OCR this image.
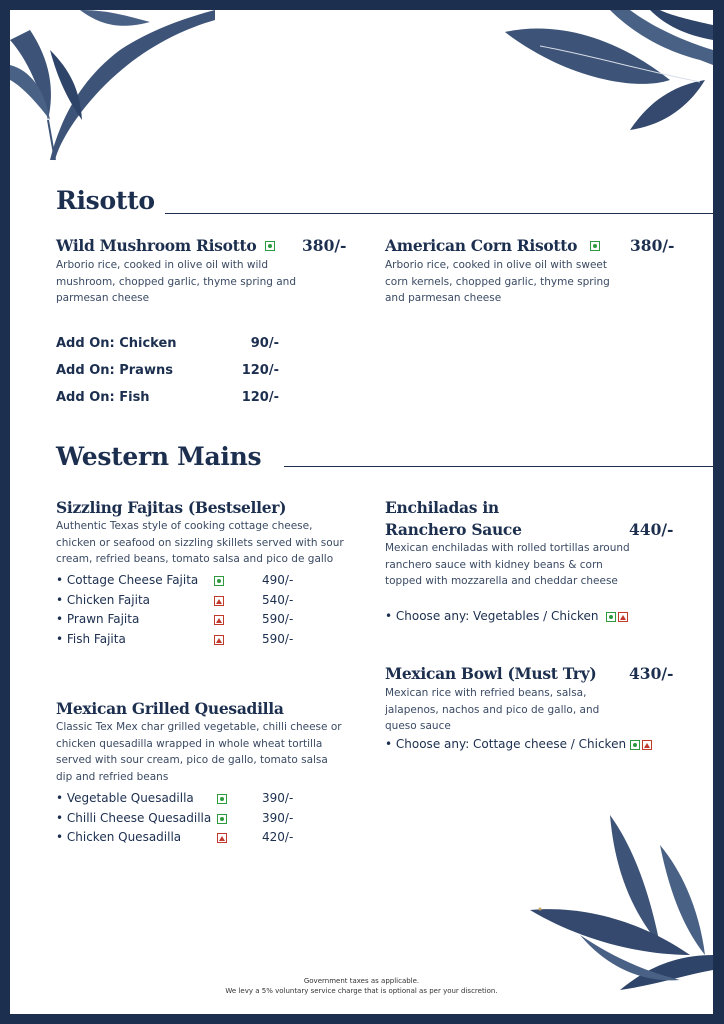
Risotto
Wild Mushroom Risotto	380/-
Arborio rice, cooked in olive oil with wild mushroom, chopped garlic, thyme spring and parmesan cheese
American Corn Risotto	380/-
Arborio rice, cooked in olive oil with sweet corn kernels, chopped garlic, thyme spring and parmesan cheese
Add On: Chicken	90/-
Add On: Prawns	120/-
Add On: Fish	120/-
Western Mains
Sizzling Fajitas (Bestseller)
Authentic Texas style of cooking cottage cheese, chicken or seafood on sizzling skillets served with sour cream, refried beans, tomato salsa and pico de gallo
• Cottage Cheese Fajita	490/-
• Chicken Fajita	540/-
• Prawn Fajita	590/-
• Fish Fajita	590/-
Mexican Grilled Quesadilla
Classic Tex Mex char grilled vegetable, chilli cheese or chicken quesadilla wrapped in whole wheat tortilla served with sour cream, pico de gallo, tomato salsa dip and refried beans
• Vegetable Quesadilla	390/-
• Chilli Cheese Quesadilla	390/-
• Chicken Quesadilla	420/-
Enchiladas in
Ranchero Sauce	440/-
Mexican enchiladas with rolled tortillas around ranchero sauce with kidney beans & corn topped with mozzarella and cheddar cheese
• Choose any: Vegetables / Chicken
Mexican Bowl (Must Try) 430/-
Mexican rice with refried beans, salsa, jalapenos, nachos and pico de gallo, and queso sauce
• Choose any: Cottage cheese / Chicken
Government taxes as applicable.
We levy a 5% voluntary service charge that is optional as per your discretion.
